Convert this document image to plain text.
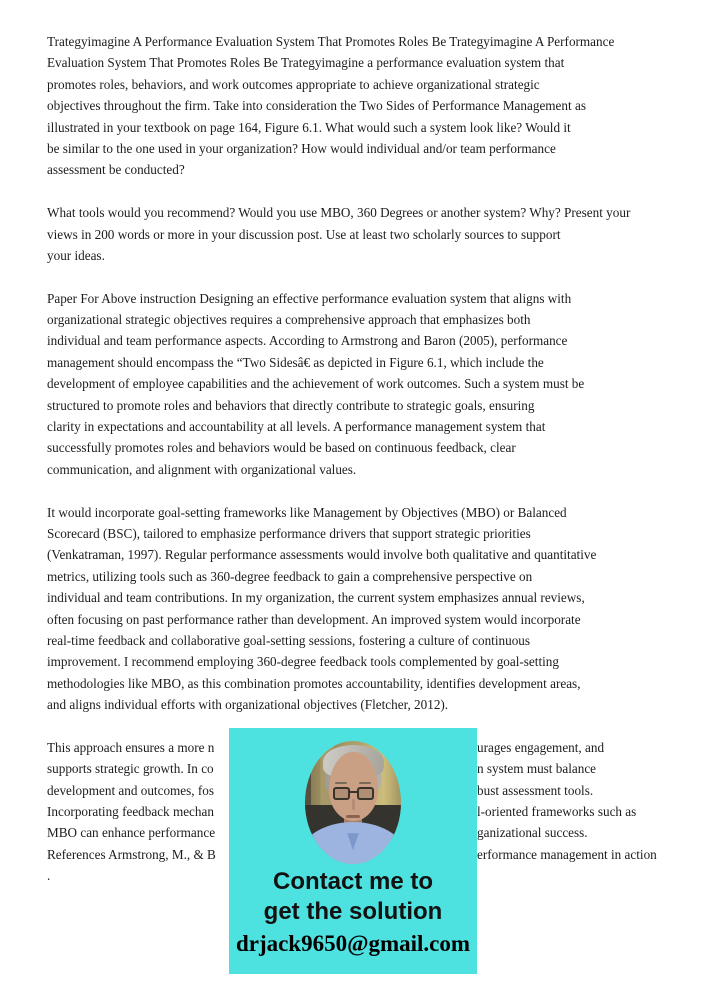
Trategyimagine A Performance Evaluation System That Promotes Roles Be Trategyimagine A Performance
Evaluation System That Promotes Roles Be Trategyimagine a performance evaluation system that
promotes roles, behaviors, and work outcomes appropriate to achieve organizational strategic
objectives throughout the firm. Take into consideration the Two Sides of Performance Management as
illustrated in your textbook on page 164, Figure 6.1. What would such a system look like? Would it
be similar to the one used in your organization? How would individual and/or team performance
assessment be conducted?
What tools would you recommend? Would you use MBO, 360 Degrees or another system? Why? Present your
views in 200 words or more in your discussion post. Use at least two scholarly sources to support
your ideas.
Paper For Above instruction Designing an effective performance evaluation system that aligns with
organizational strategic objectives requires a comprehensive approach that emphasizes both
individual and team performance aspects. According to Armstrong and Baron (2005), performance
management should encompass the “Two Sidesâ€ as depicted in Figure 6.1, which include the
development of employee capabilities and the achievement of work outcomes. Such a system must be
structured to promote roles and behaviors that directly contribute to strategic goals, ensuring
clarity in expectations and accountability at all levels. A performance management system that
successfully promotes roles and behaviors would be based on continuous feedback, clear
communication, and alignment with organizational values.
It would incorporate goal-setting frameworks like Management by Objectives (MBO) or Balanced
Scorecard (BSC), tailored to emphasize performance drivers that support strategic priorities
(Venkatraman, 1997). Regular performance assessments would involve both qualitative and quantitative
metrics, utilizing tools such as 360-degree feedback to gain a comprehensive perspective on
individual and team contributions. In my organization, the current system emphasizes annual reviews,
often focusing on past performance rather than development. An improved system would incorporate
real-time feedback and collaborative goal-setting sessions, fostering a culture of continuous
improvement. I recommend employing 360-degree feedback tools complemented by goal-setting
methodologies like MBO, as this combination promotes accountability, identifies development areas,
and aligns individual efforts with organizational objectives (Fletcher, 2012).
This approach ensures a more n	urages engagement, and
supports strategic growth. In co	n system must balance
development and outcomes, fos	bust assessment tools.
Incorporating feedback mechan	l-oriented frameworks such as
MBO can enhance performance	ganizational success.
References Armstrong, M., & B	erformance management in action
.	Contact me to
get the solution
drjack9650@gmail.com
